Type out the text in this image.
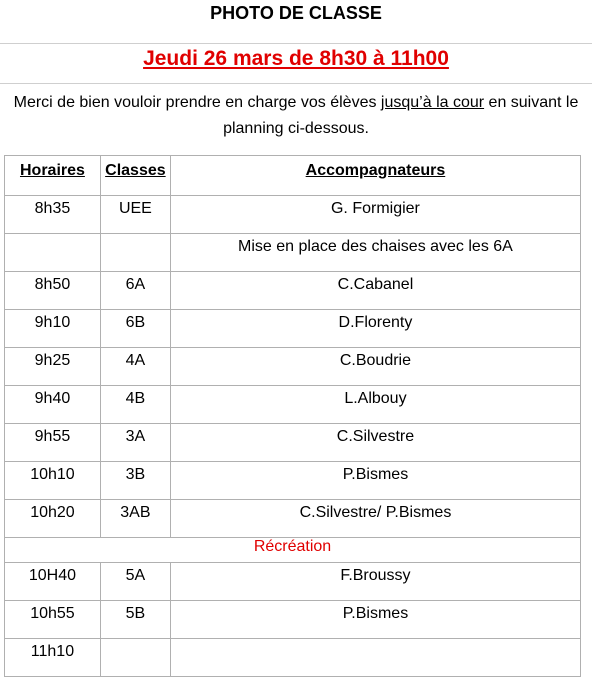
PHOTO DE CLASSE
Jeudi 26 mars de 8h30 à 11h00
Merci de bien vouloir prendre en charge vos élèves jusqu’à la cour en suivant le planning ci-dessous.
Horaires	Classes	Accompagnateurs
8h35	UEE	G. Formigier
		Mise en place des chaises avec les 6A
8h50	6A	C.Cabanel
9h10	6B	D.Florenty
9h25	4A	C.Boudrie
9h40	4B	L.Albouy
9h55	3A	C.Silvestre
10h10	3B	P.Bismes
10h20	3AB	C.Silvestre/ P.Bismes
Récréation		
10H40	5A	F.Broussy
10h55	5B	P.Bismes
11h10		
